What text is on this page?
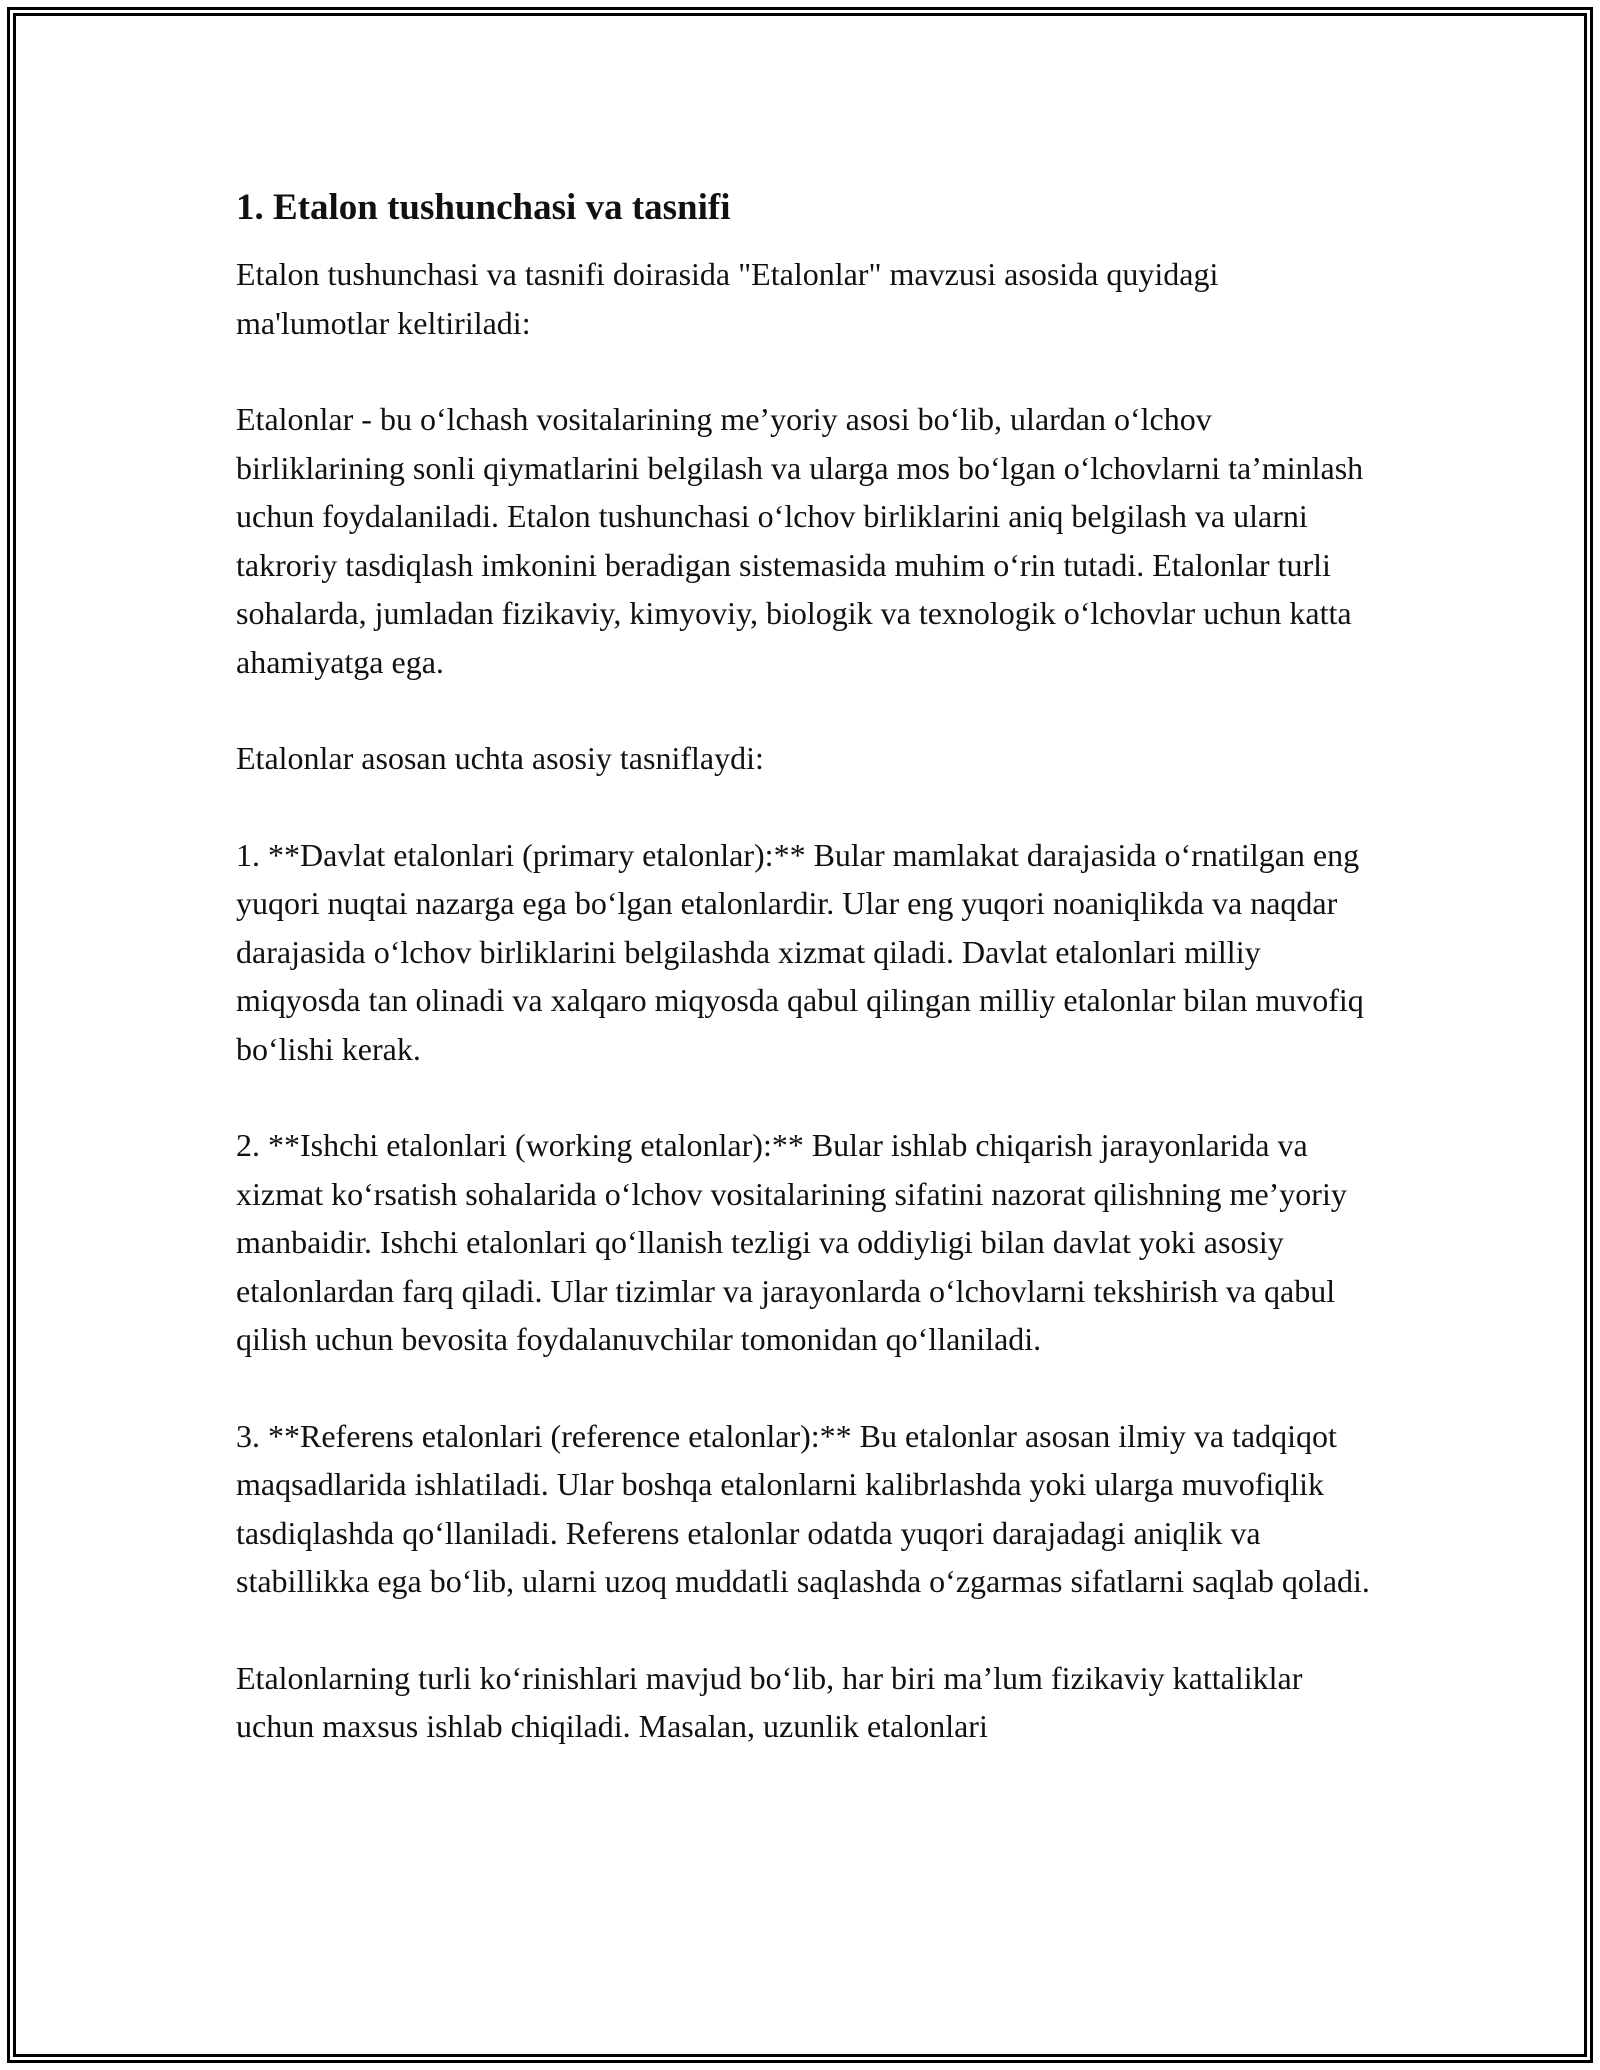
1. Etalon tushunchasi va tasnifi

Etalon tushunchasi va tasnifi doirasida "Etalonlar" mavzusi asosida quyidagi ma'lumotlar keltiriladi:

Etalonlar - bu o‘lchash vositalarining me’yoriy asosi bo‘lib, ulardan o‘lchov birliklarining sonli qiymatlarini belgilash va ularga mos bo‘lgan o‘lchovlarni ta’minlash uchun foydalaniladi. Etalon tushunchasi o‘lchov birliklarini aniq belgilash va ularni takroriy tasdiqlash imkonini beradigan sistemasida muhim o‘rin tutadi. Etalonlar turli sohalarda, jumladan fizikaviy, kimyoviy, biologik va texnologik o‘lchovlar uchun katta ahamiyatga ega.

Etalonlar asosan uchta asosiy tasniflaydi:

1. **Davlat etalonlari (primary etalonlar):** Bular mamlakat darajasida o‘rnatilgan eng yuqori nuqtai nazarga ega bo‘lgan etalonlardir. Ular eng yuqori noaniqlikda va naqdar darajasida o‘lchov birliklarini belgilashda xizmat qiladi. Davlat etalonlari milliy miqyosda tan olinadi va xalqaro miqyosda qabul qilingan milliy etalonlar bilan muvofiq bo‘lishi kerak.

2. **Ishchi etalonlari (working etalonlar):** Bular ishlab chiqarish jarayonlarida va xizmat ko‘rsatish sohalarida o‘lchov vositalarining sifatini nazorat qilishning me’yoriy manbaidir. Ishchi etalonlari qo‘llanish tezligi va oddiyligi bilan davlat yoki asosiy etalonlardan farq qiladi. Ular tizimlar va jarayonlarda o‘lchovlarni tekshirish va qabul qilish uchun bevosita foydalanuvchilar tomonidan qo‘llaniladi.

3. **Referens etalonlari (reference etalonlar):** Bu etalonlar asosan ilmiy va tadqiqot maqsadlarida ishlatiladi. Ular boshqa etalonlarni kalibrlashda yoki ularga muvofiqlik tasdiqlashda qo‘llaniladi. Referens etalonlar odatda yuqori darajadagi aniqlik va stabillikka ega bo‘lib, ularni uzoq muddatli saqlashda o‘zgarmas sifatlarni saqlab qoladi.

Etalonlarning turli ko‘rinishlari mavjud bo‘lib, har biri ma’lum fizikaviy kattaliklar uchun maxsus ishlab chiqiladi. Masalan, uzunlik etalonlari
